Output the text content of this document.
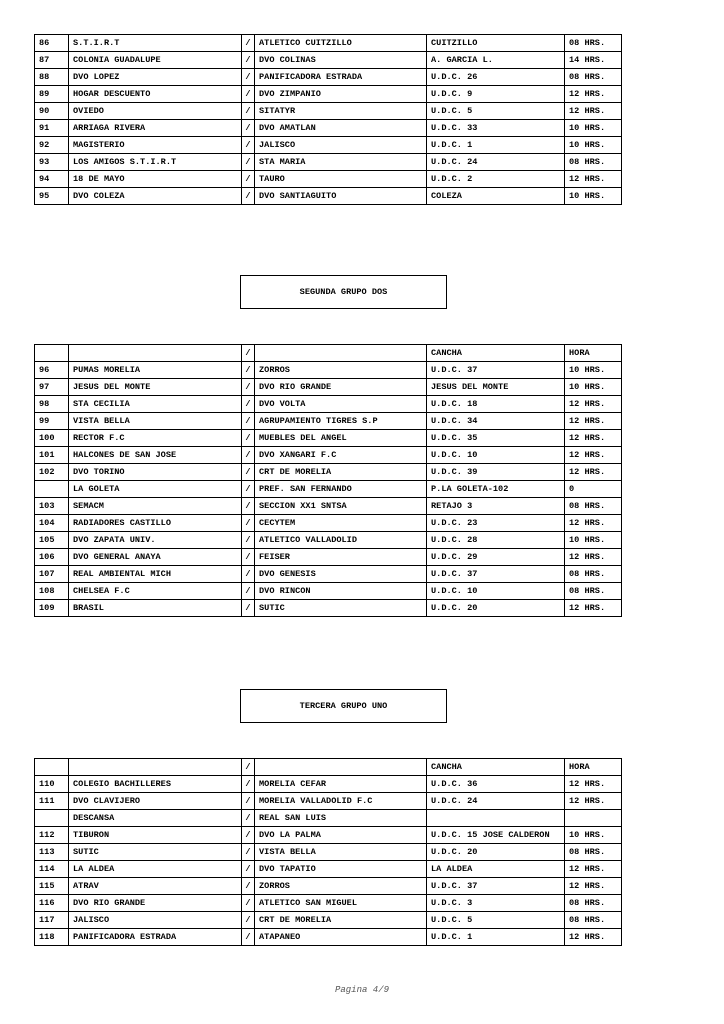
86	S.T.I.R.T	/	ATLETICO CUITZILLO	CUITZILLO	08 HRS.
87	COLONIA GUADALUPE	/	DVO COLINAS	A. GARCIA L.	14 HRS.
88	DVO LOPEZ	/	PANIFICADORA ESTRADA	U.D.C. 26	08 HRS.
89	HOGAR DESCUENTO	/	DVO ZIMPANIO	U.D.C. 9	12 HRS.
90	OVIEDO	/	SITATYR	U.D.C. 5	12 HRS.
91	ARRIAGA RIVERA	/	DVO AMATLAN	U.D.C. 33	10 HRS.
92	MAGISTERIO	/	JALISCO	U.D.C. 1	10 HRS.
93	LOS AMIGOS S.T.I.R.T	/	STA MARIA	U.D.C. 24	08 HRS.
94	18 DE MAYO	/	TAURO	U.D.C. 2	12 HRS.
95	DVO COLEZA	/	DVO SANTIAGUITO	COLEZA	10 HRS.
SEGUNDA GRUPO DOS
		/		CANCHA	HORA
96	PUMAS MORELIA	/	ZORROS	U.D.C. 37	10 HRS.
97	JESUS DEL MONTE	/	DVO RIO GRANDE	JESUS DEL MONTE	10 HRS.
98	STA CECILIA	/	DVO VOLTA	U.D.C. 18	12 HRS.
99	VISTA BELLA	/	AGRUPAMIENTO TIGRES S.P	U.D.C. 34	12 HRS.
100	RECTOR F.C	/	MUEBLES DEL ANGEL	U.D.C. 35	12 HRS.
101	HALCONES DE SAN JOSE	/	DVO XANGARI F.C	U.D.C. 10	12 HRS.
102	DVO TORINO	/	CRT DE MORELIA	U.D.C. 39	12 HRS.
	LA GOLETA	/	PREF. SAN FERNANDO	P.LA GOLETA-102	0
103	SEMACM	/	SECCION XX1 SNTSA	RETAJO 3	08 HRS.
104	RADIADORES CASTILLO	/	CECYTEM	U.D.C. 23	12 HRS.
105	DVO ZAPATA UNIV.	/	ATLETICO VALLADOLID	U.D.C. 28	10 HRS.
106	DVO GENERAL ANAYA	/	FEISER	U.D.C. 29	12 HRS.
107	REAL AMBIENTAL MICH	/	DVO GENESIS	U.D.C. 37	08 HRS.
108	CHELSEA F.C	/	DVO RINCON	U.D.C. 10	08 HRS.
109	BRASIL	/	SUTIC	U.D.C. 20	12 HRS.
TERCERA GRUPO UNO
		/		CANCHA	HORA
110	COLEGIO BACHILLERES	/	MORELIA CEFAR	U.D.C. 36	12 HRS.
111	DVO CLAVIJERO	/	MORELIA VALLADOLID F.C	U.D.C. 24	12 HRS.
	DESCANSA	/	REAL SAN LUIS		
112	TIBURON	/	DVO LA PALMA	U.D.C. 15 JOSE CALDERON	10 HRS.
113	SUTIC	/	VISTA BELLA	U.D.C. 20	08 HRS.
114	LA ALDEA	/	DVO TAPATIO	LA ALDEA	12 HRS.
115	ATRAV	/	ZORROS	U.D.C. 37	12 HRS.
116	DVO RIO GRANDE	/	ATLETICO SAN MIGUEL	U.D.C. 3	08 HRS.
117	JALISCO	/	CRT DE MORELIA	U.D.C. 5	08 HRS.
118	PANIFICADORA ESTRADA	/	ATAPANEO	U.D.C. 1	12 HRS.
Pagina 4/9
